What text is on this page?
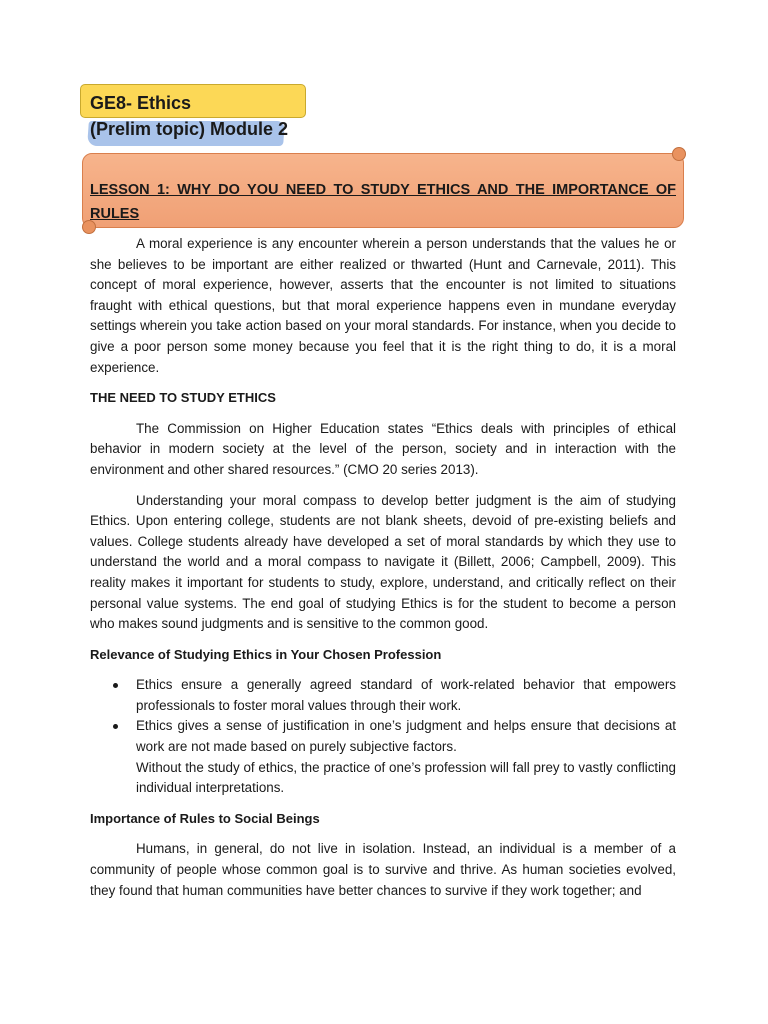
GE8- Ethics
(Prelim topic) Module 2
LESSON 1: WHY DO YOU NEED TO STUDY ETHICS AND THE IMPORTANCE OF RULES

A moral experience is any encounter wherein a person understands that the values he or she believes to be important are either realized or thwarted (Hunt and Carnevale, 2011). This concept of moral experience, however, asserts that the encounter is not limited to situations fraught with ethical questions, but that moral experience happens even in mundane everyday settings wherein you take action based on your moral standards. For instance, when you decide to give a poor person some money because you feel that it is the right thing to do, it is a moral experience.

THE NEED TO STUDY ETHICS

The Commission on Higher Education states “Ethics deals with principles of ethical behavior in modern society at the level of the person, society and in interaction with the environment and other shared resources.” (CMO 20 series 2013).

Understanding your moral compass to develop better judgment is the aim of studying Ethics. Upon entering college, students are not blank sheets, devoid of pre-existing beliefs and values. College students already have developed a set of moral standards by which they use to understand the world and a moral compass to navigate it (Billett, 2006; Campbell, 2009). This reality makes it important for students to study, explore, understand, and critically reflect on their personal value systems. The end goal of studying Ethics is for the student to become a person who makes sound judgments and is sensitive to the common good.

Relevance of Studying Ethics in Your Chosen Profession

Ethics ensure a generally agreed standard of work-related behavior that empowers professionals to foster moral values through their work.
Ethics gives a sense of justification in one’s judgment and helps ensure that decisions at work are not made based on purely subjective factors.

Without the study of ethics, the practice of one’s profession will fall prey to vastly conflicting individual interpretations.

Importance of Rules to Social Beings

Humans, in general, do not live in isolation. Instead, an individual is a member of a community of people whose common goal is to survive and thrive. As human societies evolved, they found that human communities have better chances to survive if they work together; and
